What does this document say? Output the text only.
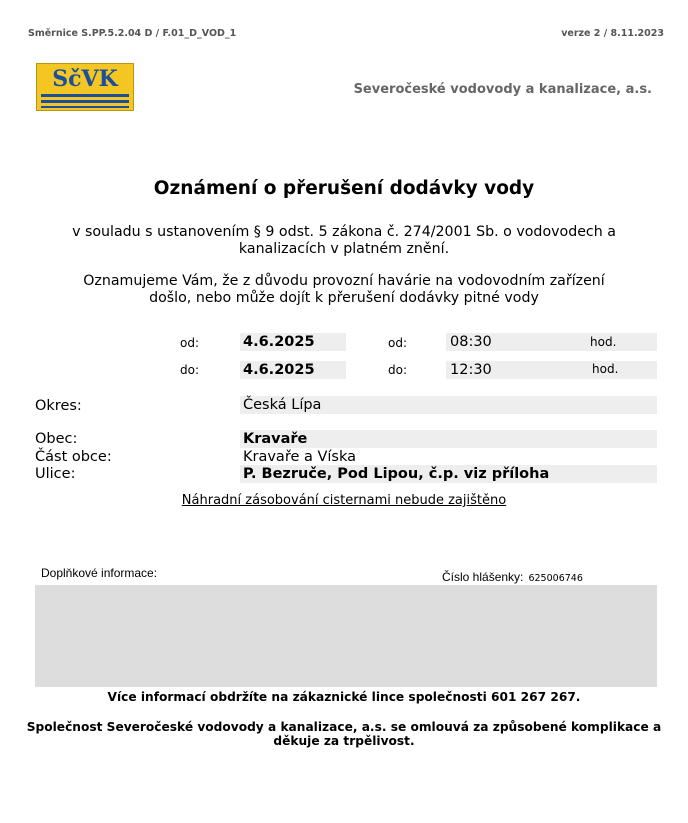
Směrnice S.PP.5.2.04 D / F.01_D_VOD_1	verze 2 / 8.11.2023
SčVK	Severočeské vodovody a kanalizace, a.s.
Oznámení o přerušení dodávky vody
v souladu s ustanovením § 9 odst. 5 zákona č. 274/2001 Sb. o vodovodech a
kanalizacích v platném znění.
Oznamujeme Vám, že z důvodu provozní havárie na vodovodním zařízení
došlo, nebo může dojít k přerušení dodávky pitné vody
od:	4.6.2025	od:	08:30	hod.
do:	4.6.2025	do:	12:30	hod.
Okres:	Česká Lípa
Obec:	Kravaře
Část obce:	Kravaře a Víska
Ulice:	P. Bezruče, Pod Lipou, č.p. viz příloha
Náhradní zásobování cisternami nebude zajištěno
Doplňkové informace:	Číslo hlášenky: 625006746
Více informací obdržíte na zákaznické lince společnosti 601 267 267.
Společnost Severočeské vodovody a kanalizace, a.s. se omlouvá za způsobené komplikace a
děkuje za trpělivost.
